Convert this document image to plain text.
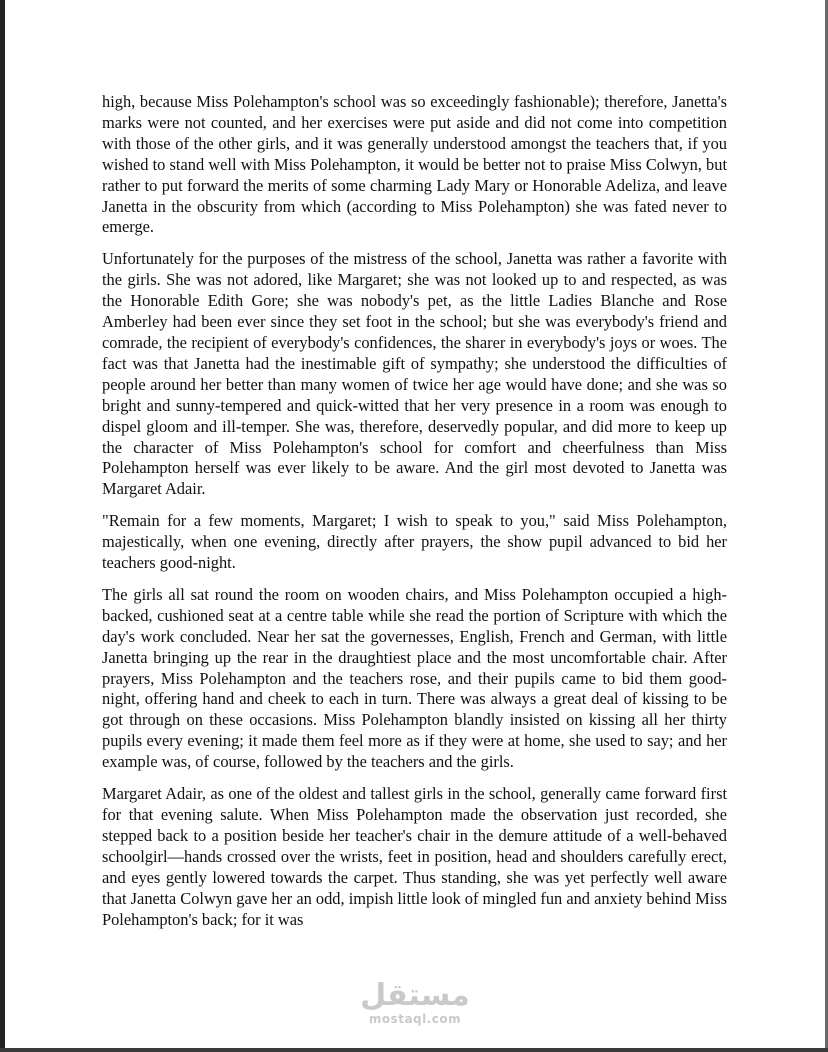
high, because Miss Polehampton's school was so exceedingly fashionable); therefore, Janetta's marks were not counted, and her exercises were put aside and did not come into competition with those of the other girls, and it was generally understood amongst the teachers that, if you wished to stand well with Miss Polehampton, it would be better not to praise Miss Colwyn, but rather to put forward the merits of some charming Lady Mary or Honorable Adeliza, and leave Janetta in the obscurity from which (according to Miss Polehampton) she was fated never to emerge.

Unfortunately for the purposes of the mistress of the school, Janetta was rather a favorite with the girls. She was not adored, like Margaret; she was not looked up to and respected, as was the Honorable Edith Gore; she was nobody's pet, as the little Ladies Blanche and Rose Amberley had been ever since they set foot in the school; but she was everybody's friend and comrade, the recipient of everybody's confidences, the sharer in everybody's joys or woes. The fact was that Janetta had the inestimable gift of sympathy; she understood the difficulties of people around her better than many women of twice her age would have done; and she was so bright and sunny-tempered and quick-witted that her very presence in a room was enough to dispel gloom and ill-temper. She was, therefore, deservedly popular, and did more to keep up the character of Miss Polehampton's school for comfort and cheerfulness than Miss Polehampton herself was ever likely to be aware. And the girl most devoted to Janetta was Margaret Adair.

"Remain for a few moments, Margaret; I wish to speak to you," said Miss Polehampton, majestically, when one evening, directly after prayers, the show pupil advanced to bid her teachers good-night.

The girls all sat round the room on wooden chairs, and Miss Polehampton occupied a high-backed, cushioned seat at a centre table while she read the portion of Scripture with which the day's work concluded. Near her sat the governesses, English, French and German, with little Janetta bringing up the rear in the draughtiest place and the most uncomfortable chair. After prayers, Miss Polehampton and the teachers rose, and their pupils came to bid them good-night, offering hand and cheek to each in turn. There was always a great deal of kissing to be got through on these occasions. Miss Polehampton blandly insisted on kissing all her thirty pupils every evening; it made them feel more as if they were at home, she used to say; and her example was, of course, followed by the teachers and the girls.

Margaret Adair, as one of the oldest and tallest girls in the school, generally came forward first for that evening salute. When Miss Polehampton made the observation just recorded, she stepped back to a position beside her teacher's chair in the demure attitude of a well-behaved schoolgirl—hands crossed over the wrists, feet in position, head and shoulders carefully erect, and eyes gently lowered towards the carpet. Thus standing, she was yet perfectly well aware that Janetta Colwyn gave her an odd, impish little look of mingled fun and anxiety behind Miss Polehampton's back; for it was

مستقل
mostaql.com
